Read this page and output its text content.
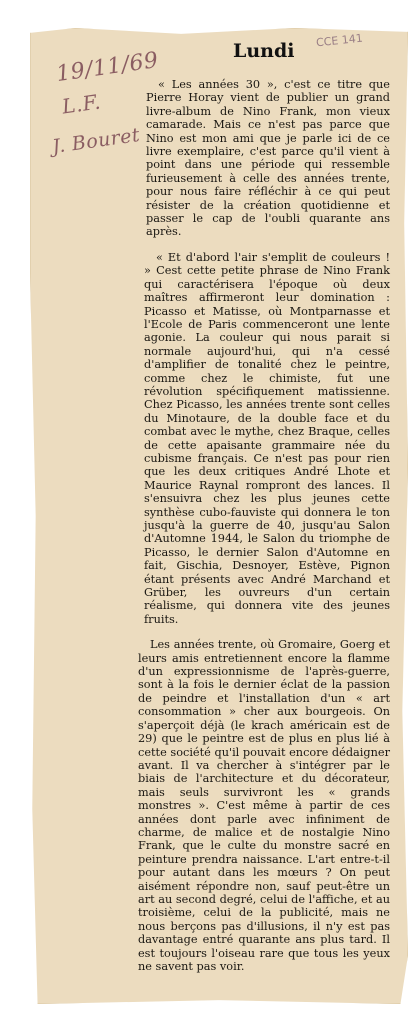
19/11/69
L.F.
J. Bouret
Lundi CCE 141

« Les années 30 », c'est ce titre que Pierre Horay vient de publier un grand livre-album de Nino Frank, mon vieux camarade. Mais ce n'est pas parce que Nino est mon ami que je parle ici de ce livre exemplaire, c'est parce qu'il vient à point dans une période qui ressemble furieusement à celle des années trente, pour nous faire réfléchir à ce qui peut résister de la création quotidienne et passer le cap de l'oubli quarante ans après.

« Et d'abord l'air s'emplit de couleurs ! » Cest cette petite phrase de Nino Frank qui caractérisera l'époque où deux maîtres affirmeront leur domination : Picasso et Matisse, où Montparnasse et l'Ecole de Paris commenceront une lente agonie. La couleur qui nous parait si normale aujourd'hui, qui n'a cessé d'amplifier de tonalité chez le peintre, comme chez le chimiste, fut une révolution spécifiquement matissienne. Chez Picasso, les années trente sont celles du Minotaure, de la double face et du combat avec le mythe, chez Braque, celles de cette apaisante grammaire née du cubisme français. Ce n'est pas pour rien que les deux critiques André Lhote et Maurice Raynal rompront des lances. Il s'ensuivra chez les plus jeunes cette synthèse cubo-fauviste qui donnera le ton jusqu'à la guerre de 40, jusqu'au Salon d'Automne 1944, le Salon du triomphe de Picasso, le dernier Salon d'Automne en fait, Gischia, Desnoyer, Estève, Pignon étant présents avec André Marchand et Grüber, les ouvreurs d'un certain réalisme, qui donnera vite des jeunes fruits.

Les années trente, où Gromaire, Goerg et leurs amis entretiennent encore la flamme d'un expressionnisme de l'après-guerre, sont à la fois le dernier éclat de la passion de peindre et l'installation d'un « art consommation » cher aux bourgeois. On s'aperçoit déjà (le krach américain est de 29) que le peintre est de plus en plus lié à cette société qu'il pouvait encore dédaigner avant. Il va chercher à s'intégrer par le biais de l'architecture et du décorateur, mais seuls survivront les « grands monstres ». C'est même à partir de ces années dont parle avec infiniment de charme, de malice et de nostalgie Nino Frank, que le culte du monstre sacré en peinture prendra naissance. L'art entre-t-il pour autant dans les mœurs ? On peut aisément répondre non, sauf peut-être un art au second degré, celui de l'affiche, et au troisième, celui de la publicité, mais ne nous berçons pas d'illusions, il n'y est pas davantage entré quarante ans plus tard. Il est toujours l'oiseau rare que tous les yeux ne savent pas voir.
